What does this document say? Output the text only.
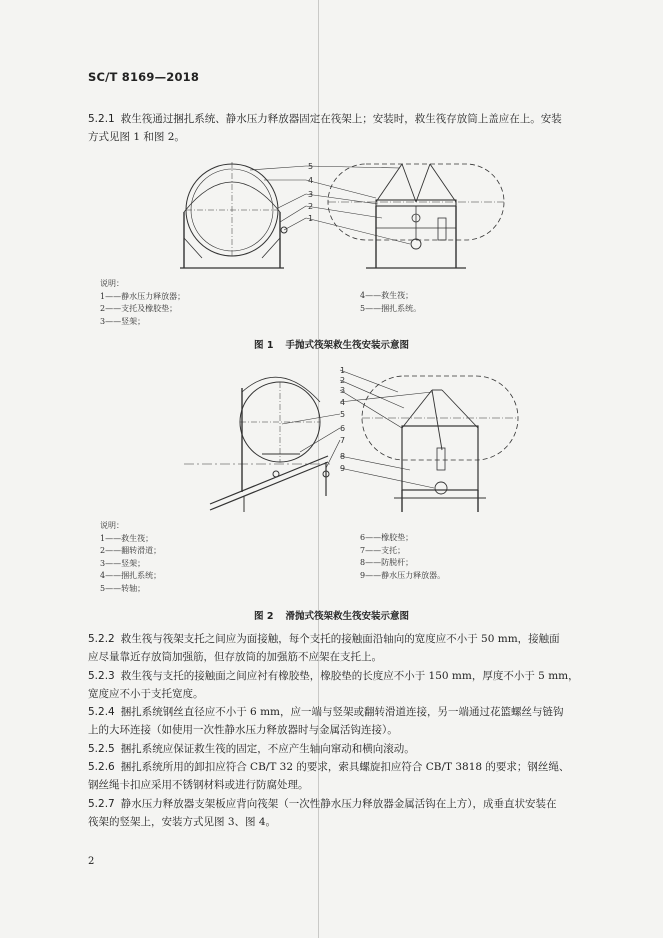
SC/T 8169—2018
5.2.1 救生筏通过捆扎系统、静水压力释放器固定在筏架上；安装时，救生筏存放筒上盖应在上。安装
方式见图 1 和图 2。
5
4
3
2
1
说明：
1——静水压力释放器；
2——支托及橡胶垫；
3——竖架；
4——救生筏；
5——捆扎系统。
图 1 手抛式筏架救生筏安装示意图
1
2
3
4
5
6
7
8
9
说明：
1——救生筏；
2——翻转滑道；
3——竖架；
4——捆扎系统；
5——转轴；
6——橡胶垫；
7——支托；
8——防脱杆；
9——静水压力释放器。
图 2 滑抛式筏架救生筏安装示意图
5.2.2 救生筏与筏架支托之间应为面接触，每个支托的接触面沿轴向的宽度应不小于 50 mm，接触面
应尽量靠近存放筒加强筋，但存放筒的加强筋不应架在支托上。
5.2.3 救生筏与支托的接触面之间应衬有橡胶垫，橡胶垫的长度应不小于 150 mm，厚度不小于 5 mm，
宽度应不小于支托宽度。
5.2.4 捆扎系统钢丝直径应不小于 6 mm，应一端与竖架或翻转滑道连接，另一端通过花篮螺丝与链钩
上的大环连接（如使用一次性静水压力释放器时与金属活钩连接）。
5.2.5 捆扎系统应保证救生筏的固定，不应产生轴向窜动和横向滚动。
5.2.6 捆扎系统所用的卸扣应符合 CB/T 32 的要求，索具螺旋扣应符合 CB/T 3818 的要求；钢丝绳、
钢丝绳卡扣应采用不锈钢材料或进行防腐处理。
5.2.7 静水压力释放器支架板应背向筏架（一次性静水压力释放器金属活钩在上方），成垂直状安装在
筏架的竖架上，安装方式见图 3、图 4。
2
